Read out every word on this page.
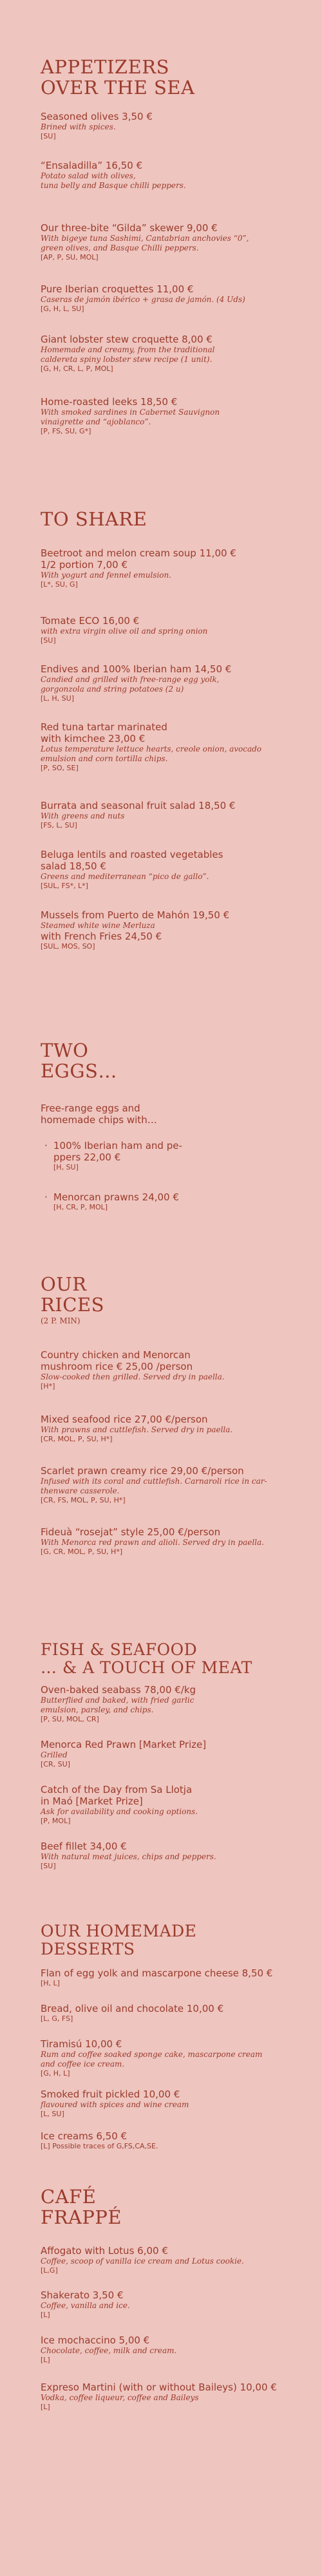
APPETIZERS
OVER THE SEA
Seasoned olives 3,50 €
Brined with spices.
[SU]
“Ensaladilla” 16,50 €
Potato salad with olives,
tuna belly and Basque chilli peppers.
Our three-bite “Gilda” skewer 9,00 €
With bigeye tuna Sashimi, Cantabrian anchovies “0”,
green olives, and Basque Chilli peppers.
[AP, P, SU, MOL]
Pure Iberian croquettes 11,00 €
Caseras de jamón ibérico + grasa de jamón. (4 Uds)
[G, H, L, SU]
Giant lobster stew croquette 8,00 €
Homemade and creamy, from the traditional
caldereta spiny lobster stew recipe (1 unit).
[G, H, CR, L, P, MOL]
Home-roasted leeks 18,50 €
With smoked sardines in Cabernet Sauvignon
vinaigrette and “ajoblanco”.
[P, FS, SU, G*]
TO SHARE
Beetroot and melon cream soup 11,00 €
1/2 portion 7,00 €
With yogurt and fennel emulsion.
[L*, SU, G]
Tomate ECO 16,00 €
with extra virgin olive oil and spring onion
[SU]
Endives and 100% Iberian ham 14,50 €
Candied and grilled with free-range egg yolk,
gorgonzola and string potatoes (2 u)
[L, H, SU]
Red tuna tartar marinated
with kimchee 23,00 €
Lotus temperature lettuce hearts, creole onion, avocado
emulsion and corn tortilla chips.
[P, SO, SE]
Burrata and seasonal fruit salad 18,50 €
With greens and nuts
[FS, L, SU]
Beluga lentils and roasted vegetables
salad 18,50 €
Greens and mediterranean “pico de gallo”.
[SUL, FS*, L*]
Mussels from Puerto de Mahón 19,50 €
Steamed white wine Merluza
with French Fries 24,50 €
[SUL, MOS, SO]
TWO
EGGS…
Free-range eggs and
homemade chips with…
· 100% Iberian ham and pe-
ppers 22,00 €
[H, SU]
· Menorcan prawns 24,00 €
[H, CR, P, MOL]
OUR
RICES
(2 P. MIN)
Country chicken and Menorcan
mushroom rice € 25,00 /person
Slow-cooked then grilled. Served dry in paella.
[H*]
Mixed seafood rice 27,00 €/person
With prawns and cuttlefish. Served dry in paella.
[CR, MOL, P, SU, H*]
Scarlet prawn creamy rice 29,00 €/person
Infused with its coral and cuttlefish. Carnaroli rice in car-
thenware casserole.
[CR, FS, MOL, P, SU, H*]
Fideuà “rosejat” style 25,00 €/person
With Menorca red prawn and alioli. Served dry in paella.
[G, CR, MOL, P, SU, H*]
FISH & SEAFOOD
… & A TOUCH OF MEAT
Oven-baked seabass 78,00 €/kg
Butterflied and baked, with fried garlic
emulsion, parsley, and chips.
[P, SU, MOL, CR]
Menorca Red Prawn [Market Prize]
Grilled
[CR, SU]
Catch of the Day from Sa Llotja
in Maó [Market Prize]
Ask for availability and cooking options.
[P, MOL]
Beef fillet 34,00 €
With natural meat juices, chips and peppers.
[SU]
OUR HOMEMADE
DESSERTS
Flan of egg yolk and mascarpone cheese 8,50 €
[H, L]
Bread, olive oil and chocolate 10,00 €
[L, G, FS]
Tiramisú 10,00 €
Rum and coffee soaked sponge cake, mascarpone cream
and coffee ice cream.
[G, H, L]
Smoked fruit pickled 10,00 €
flavoured with spices and wine cream
[L, SU]
Ice creams 6,50 €
[L] Possible traces of G,FS,CA,SE.
CAFÉ
FRAPPÉ
Affogato with Lotus 6,00 €
Coffee, scoop of vanilla ice cream and Lotus cookie.
[L,G]
Shakerato 3,50 €
Coffee, vanilla and ice.
[L]
Ice mochaccino 5,00 €
Chocolate, coffee, milk and cream.
[L]
Expreso Martini (with or without Baileys) 10,00 €
Vodka, coffee liqueur, coffee and Baileys
[L]
